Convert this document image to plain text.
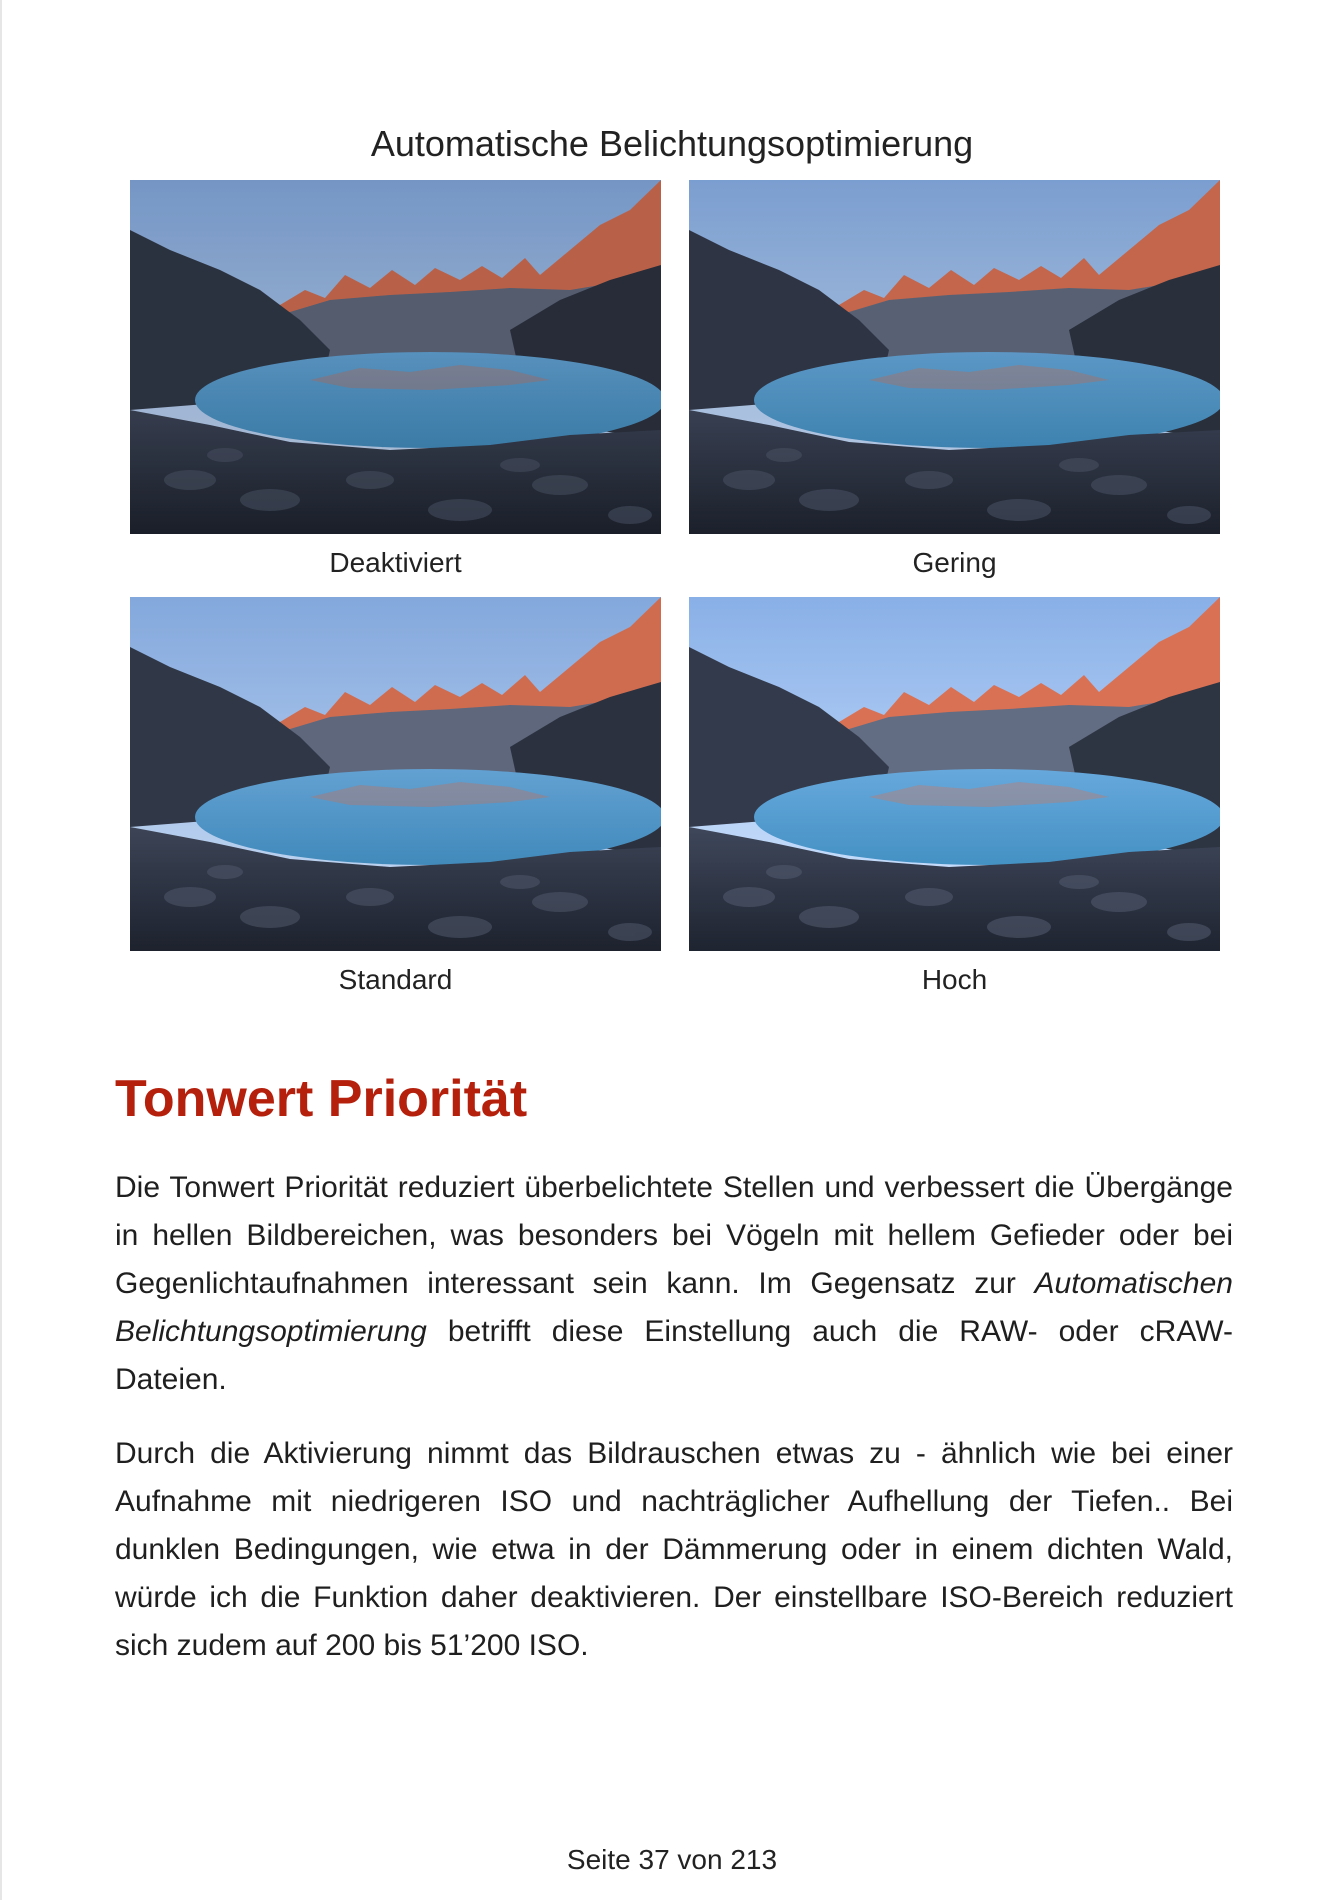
Automatische Belichtungsoptimierung
Deaktiviert	Gering
Standard	Hoch
Tonwert Priorität

Die Tonwert Priorität reduziert überbelichtete Stellen und verbessert die Übergänge in hellen Bildbereichen, was besonders bei Vögeln mit hellem Gefieder oder bei Gegenlichtaufnahmen interessant sein kann. Im Gegensatz zur Automatischen Belichtungsoptimierung betrifft diese Einstellung auch die RAW- oder cRAW-Dateien.

Durch die Aktivierung nimmt das Bildrauschen etwas zu - ähnlich wie bei einer Aufnahme mit niedrigeren ISO und nachträglicher Aufhellung der Tiefen.. Bei dunklen Bedingungen, wie etwa in der Dämmerung oder in einem dichten Wald, würde ich die Funktion daher deaktivieren. Der einstellbare ISO-Bereich reduziert sich zudem auf 200 bis 51’200 ISO.

Seite 37 von 213
